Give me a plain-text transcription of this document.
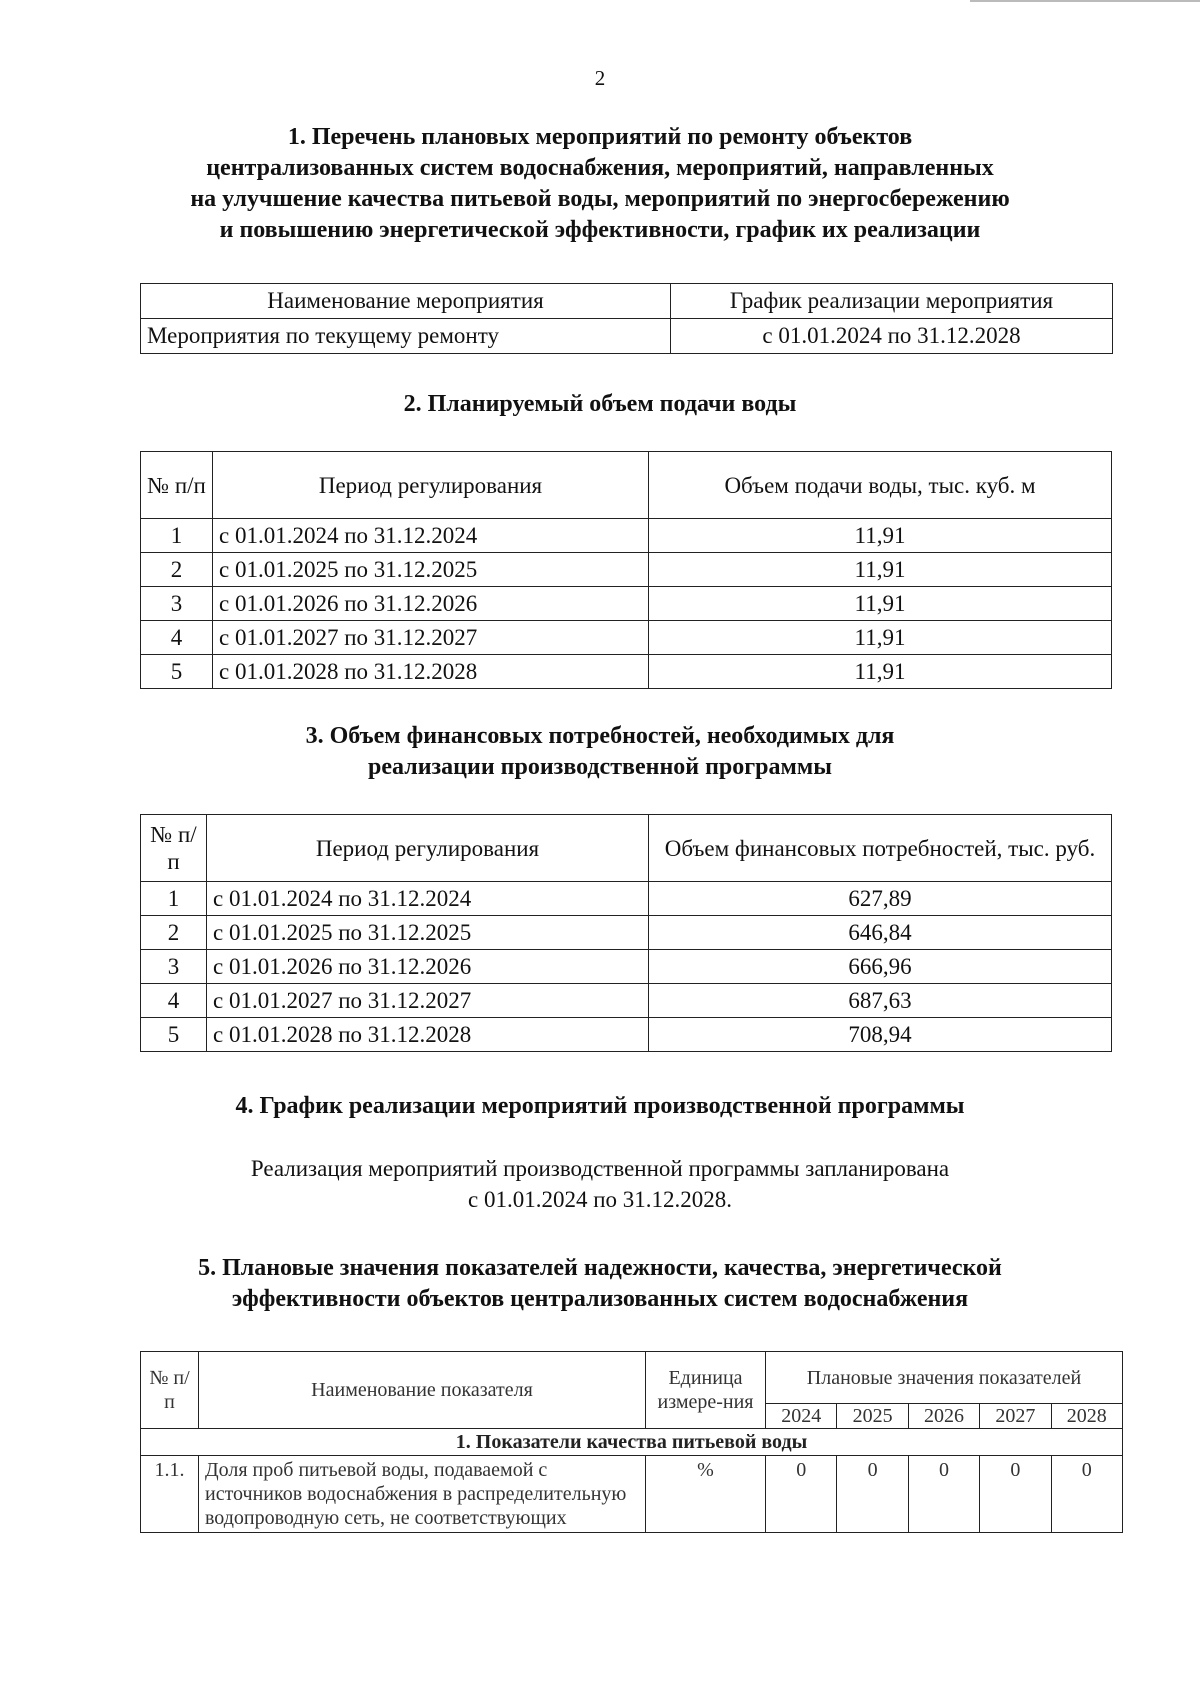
2
1. Перечень плановых мероприятий по ремонту объектов
централизованных систем водоснабжения, мероприятий, направленных
на улучшение качества питьевой воды, мероприятий по энергосбережению
и повышению энергетической эффективности, график их реализации
Наименование мероприятия	График реализации мероприятия
Мероприятия по текущему ремонту	с 01.01.2024 по 31.12.2028
2. Планируемый объем подачи воды
№ п/п	Период регулирования	Объем подачи воды, тыс. куб. м
1	с 01.01.2024 по 31.12.2024	11,91
2	с 01.01.2025 по 31.12.2025	11,91
3	с 01.01.2026 по 31.12.2026	11,91
4	с 01.01.2027 по 31.12.2027	11,91
5	с 01.01.2028 по 31.12.2028	11,91
3. Объем финансовых потребностей, необходимых для
реализации производственной программы
№ п/п	Период регулирования	Объем финансовых потребностей, тыс. руб.
1	с 01.01.2024 по 31.12.2024	627,89
2	с 01.01.2025 по 31.12.2025	646,84
3	с 01.01.2026 по 31.12.2026	666,96
4	с 01.01.2027 по 31.12.2027	687,63
5	с 01.01.2028 по 31.12.2028	708,94
4. График реализации мероприятий производственной программы

Реализация мероприятий производственной программы запланирована
с 01.01.2024 по 31.12.2028.

5. Плановые значения показателей надежности, качества, энергетической
эффективности объектов централизованных систем водоснабжения
№ п/п	Наименование показателя	Единица измере-ния	Плановые значения показателей				
			2024	2025	2026	2027	2028
1. Показатели качества питьевой воды							
1.1.	Доля проб питьевой воды, подаваемой с источников водоснабжения в распределительную водопроводную сеть, не соответствующих	%	0	0	0	0	0
